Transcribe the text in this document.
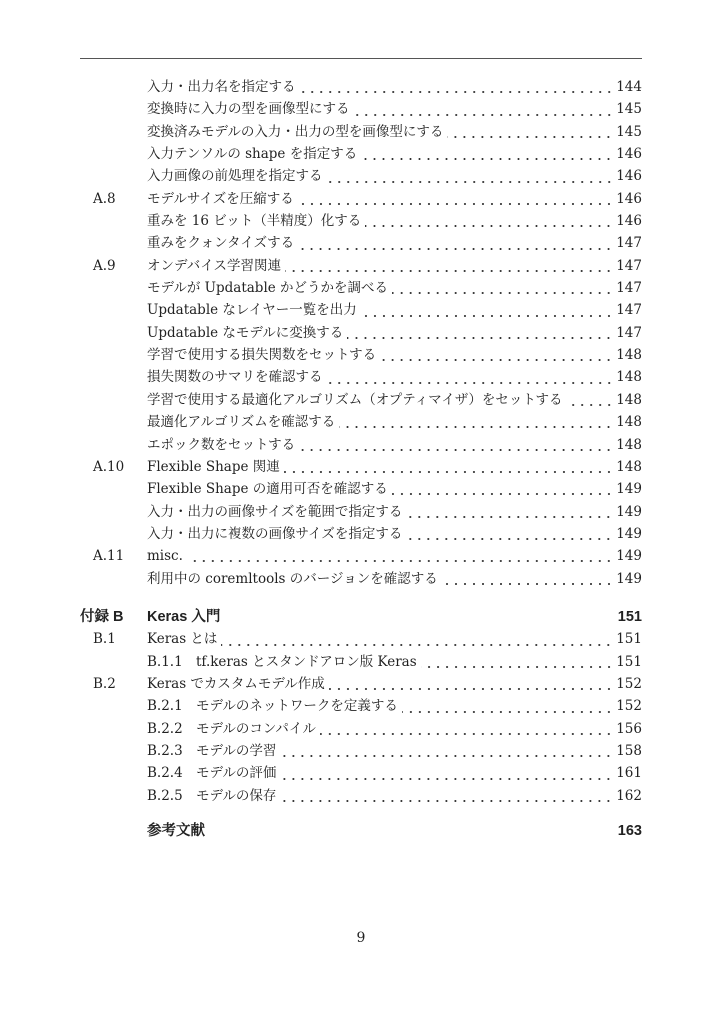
入力・出力名を指定する	144
変換時に入力の型を画像型にする	145
変換済みモデルの入力・出力の型を画像型にする	145
入力テンソルの shape を指定する	146
入力画像の前処理を指定する	146
A.8 モデルサイズを圧縮する	146
重みを 16 ビット（半精度）化する	146
重みをクォンタイズする	147
A.9 オンデバイス学習関連	147
モデルが Updatable かどうかを調べる	147
Updatable なレイヤー一覧を出力	147
Updatable なモデルに変換する	147
学習で使用する損失関数をセットする	148
損失関数のサマリを確認する	148
学習で使用する最適化アルゴリズム（オプティマイザ）をセットする	148
最適化アルゴリズムを確認する	148
エポック数をセットする	148
A.10 Flexible Shape 関連	148
Flexible Shape の適用可否を確認する	149
入力・出力の画像サイズを範囲で指定する	149
入力・出力に複数の画像サイズを指定する	149
A.11 misc.	149
利用中の coremltools のバージョンを確認する	149
付録 B Keras 入門	151
B.1 Keras とは	151
B.1.1 tf.keras とスタンドアロン版 Keras	151
B.2 Keras でカスタムモデル作成	152
B.2.1 モデルのネットワークを定義する	152
B.2.2 モデルのコンパイル	156
B.2.3 モデルの学習	158
B.2.4 モデルの評価	161
B.2.5 モデルの保存	162
参考文献	163
9
